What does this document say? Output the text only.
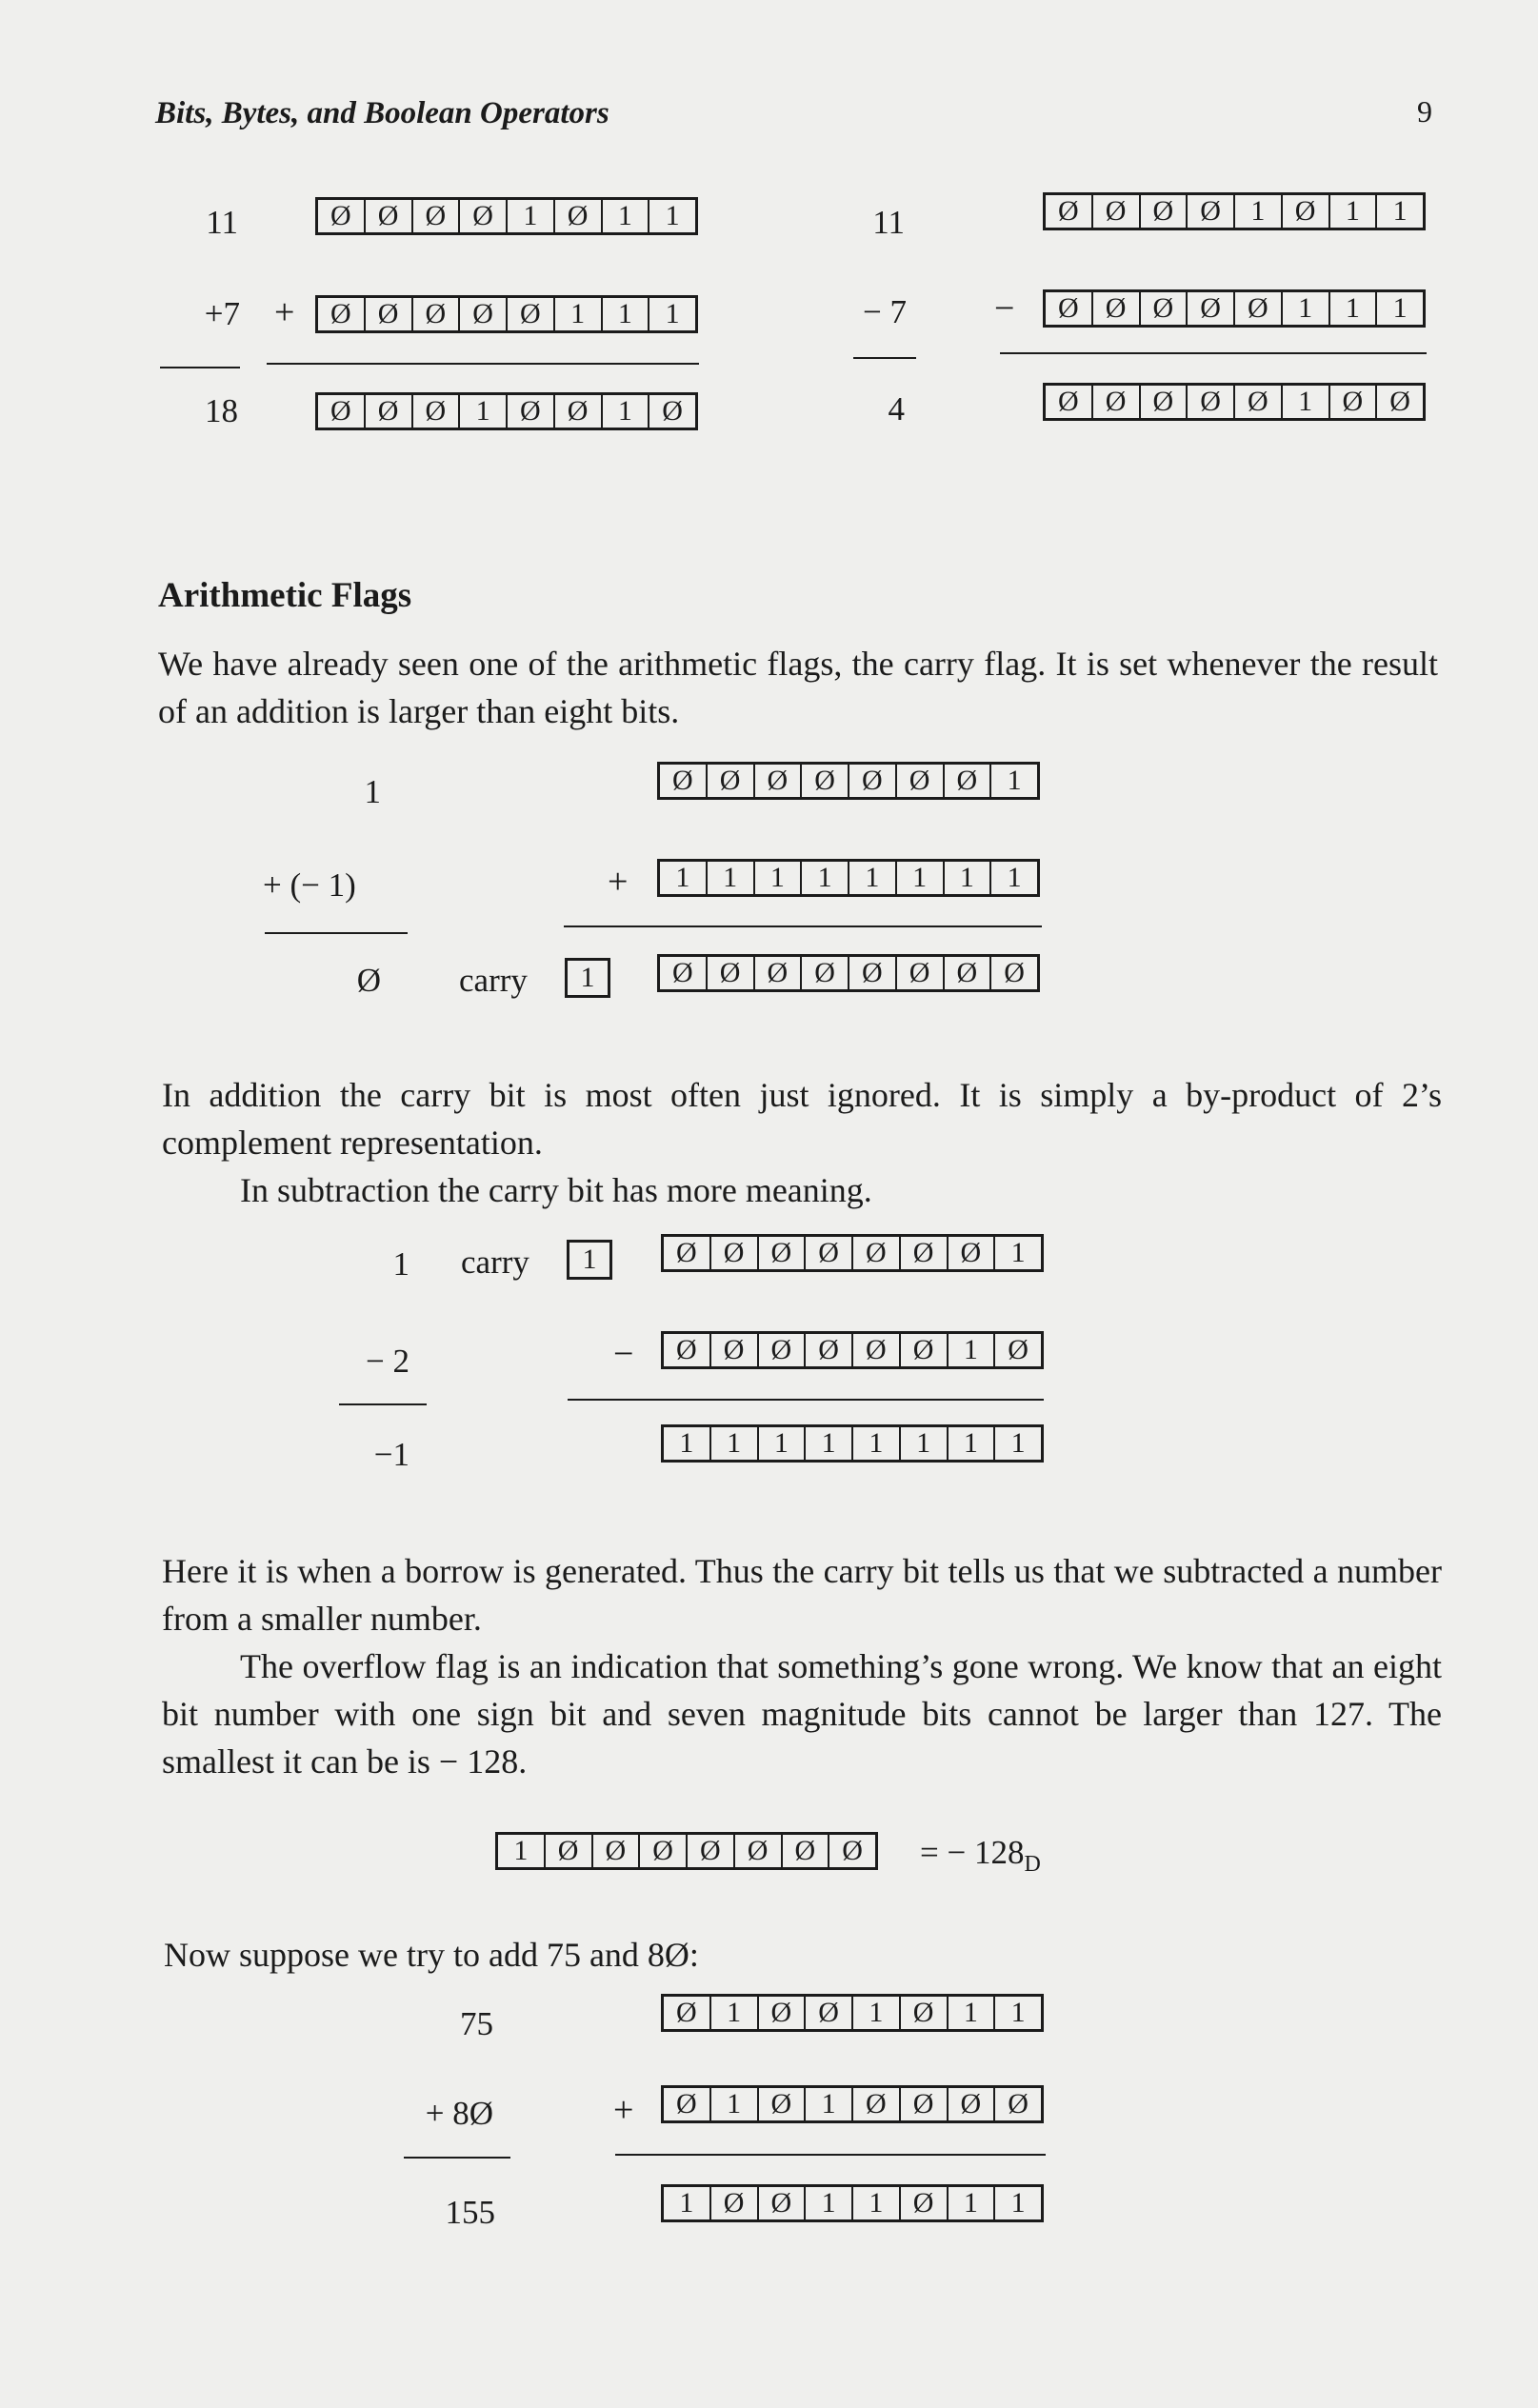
Bits, Bytes, and Boolean Operators	9
11	Ø Ø Ø Ø	1	Ø	1	1
+7 +	Ø Ø Ø Ø Ø	1	1	1
18	Ø Ø Ø	1	Ø Ø	1	Ø
11	Ø Ø Ø Ø	1	Ø	1	1
− 7 −	Ø Ø Ø Ø Ø	1	1	1
4	Ø Ø Ø Ø Ø	1	Ø Ø
Arithmetic Flags

We have already seen one of the arithmetic flags, the carry flag. It is set whenever the result of an addition is larger than eight bits.

1	Ø Ø Ø Ø Ø Ø Ø	1
+ (− 1)	+	1	1	1	1	1	1	1	1
Ø carry	1	Ø Ø Ø Ø Ø Ø Ø Ø

In addition the carry bit is most often just ignored. It is simply a by-product of 2’s complement representation.

In subtraction the carry bit has more meaning.

1 carry	1	Ø Ø Ø Ø Ø Ø Ø	1
− 2	−	Ø Ø Ø Ø Ø Ø	1	Ø
−1	1	1	1	1	1	1	1	1

Here it is when a borrow is generated. Thus the carry bit tells us that we subtracted a number from a smaller number.

The overflow flag is an indication that something’s gone wrong. We know that an eight bit number with one sign bit and seven magnitude bits cannot be larger than 127. The smallest it can be is − 128.

1	Ø Ø Ø Ø Ø Ø Ø	= − $128_D$

Now suppose we try to add 75 and 8Ø:

75	Ø	1	Ø Ø	1	Ø	1	1
+ 8Ø	+	Ø	1	Ø	1	Ø Ø Ø Ø
155	1	Ø Ø	1	1	Ø	1	1
